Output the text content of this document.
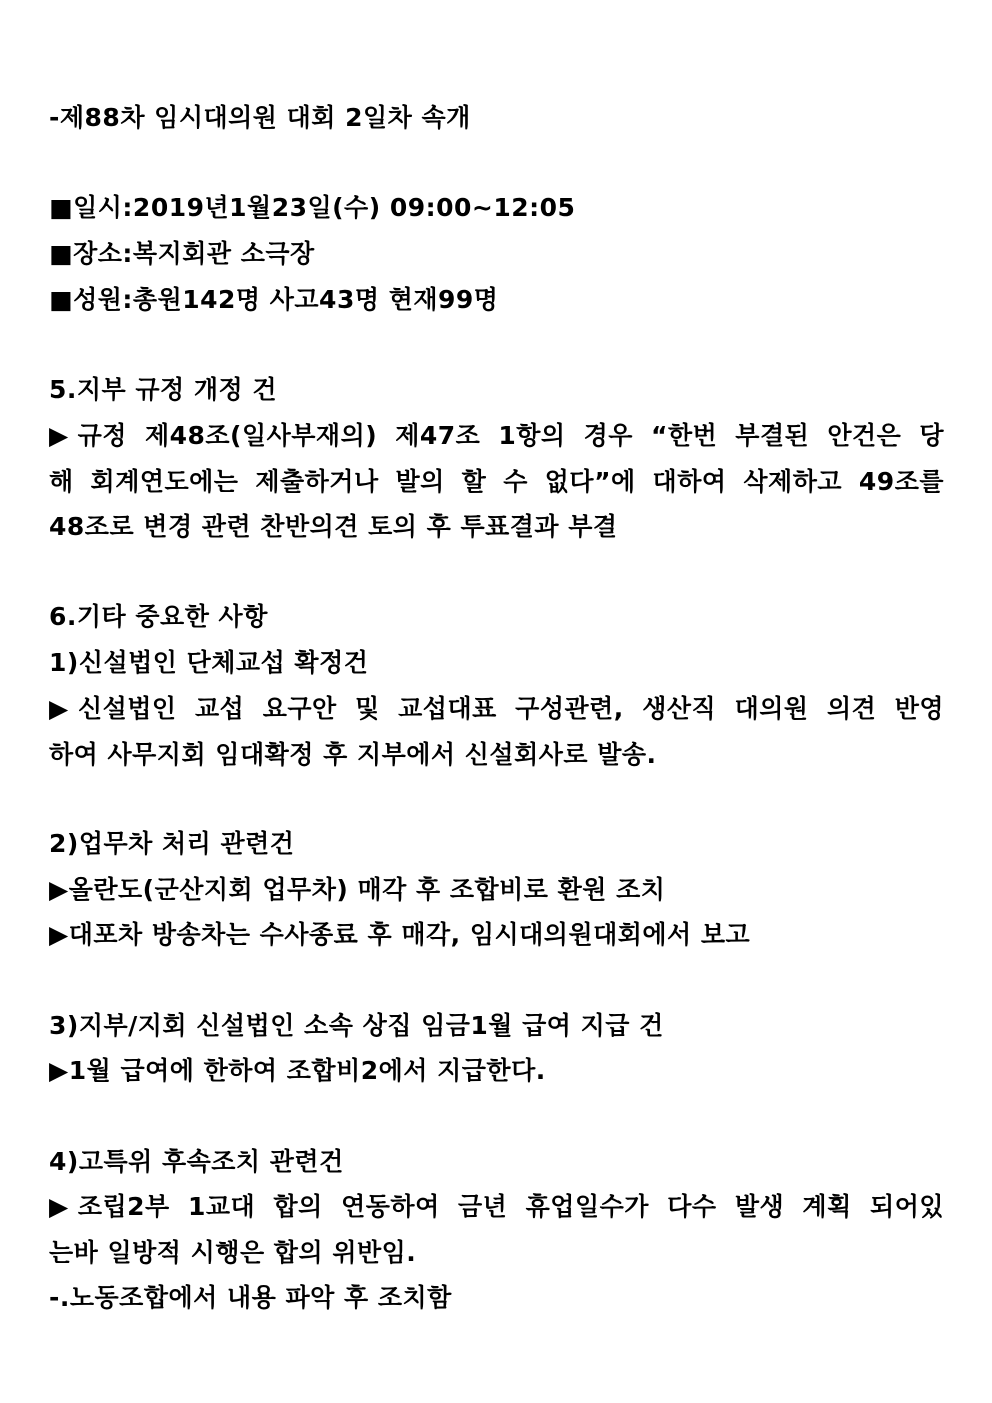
-제88차 임시대의원 대회 2일차 속개
■일시:2019년1월23일(수) 09:00~12:05
■장소:복지회관 소극장
■성원:총원142명 사고43명 현재99명
5.지부 규정 개정 건
▶규정 제48조(일사부재의) 제47조 1항의 경우 “한번 부결된 안건은 당
해 회계연도에는 제출하거나 발의 할 수 없다”에 대하여 삭제하고 49조를
48조로 변경 관련 찬반의견 토의 후 투표결과 부결
6.기타 중요한 사항
1)신설법인 단체교섭 확정건
▶신설법인 교섭 요구안 및 교섭대표 구성관련, 생산직 대의원 의견 반영
하여 사무지회 임대확정 후 지부에서 신설회사로 발송.
2)업무차 처리 관련건
▶올란도(군산지회 업무차) 매각 후 조합비로 환원 조치
▶대포차 방송차는 수사종료 후 매각, 임시대의원대회에서 보고
3)지부/지회 신설법인 소속 상집 임금1월 급여 지급 건
▶1월 급여에 한하여 조합비2에서 지급한다.
4)고특위 후속조치 관련건
▶조립2부 1교대 합의 연동하여 금년 휴업일수가 다수 발생 계획 되어있
는바 일방적 시행은 합의 위반임.
-.노동조합에서 내용 파악 후 조치함
